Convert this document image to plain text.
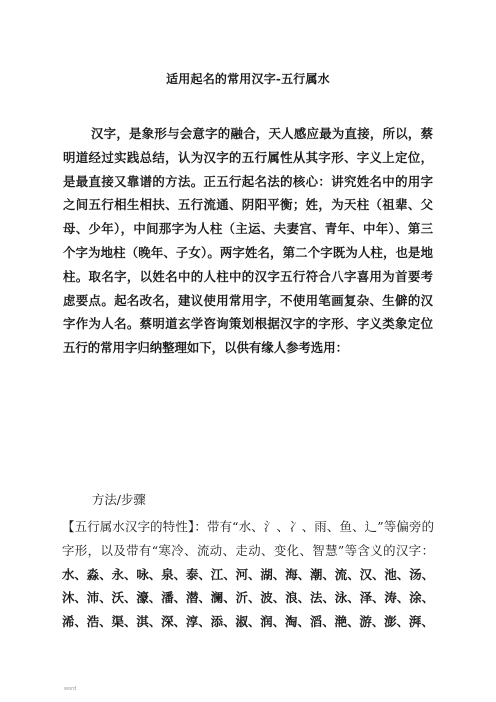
适用起名的常用汉字-五行属水

汉字，是象形与会意字的融合，天人感应最为直接，所以，蔡明道经过实践总结，认为汉字的五行属性从其字形、字义上定位，是最直接又靠谱的方法。正五行起名法的核心：讲究姓名中的用字之间五行相生相扶、五行流通、阴阳平衡；姓，为天柱（祖辈、父母、少年），中间那字为人柱（主运、夫妻宫、青年、中年）、第三个字为地柱（晚年、子女）。两字姓名，第二个字既为人柱，也是地柱。取名字，以姓名中的人柱中的汉字五行符合八字喜用为首要考虑要点。起名改名，建议使用常用字，不使用笔画复杂、生僻的汉字作为人名。蔡明道玄学咨询策划根据汉字的字形、字义类象定位五行的常用字归纳整理如下，以供有缘人参考选用：

方法/步骤

【五行属水汉字的特性】：带有“水、氵、冫、雨、鱼、辶”等偏旁的字形，以及带有“寒冷、流动、走动、变化、智慧”等含义的汉字：水、淼、永、咏、泉、泰、江、河、湖、海、潮、流、汉、池、汤、沐、沛、沃、濠、潘、潜、澜、沂、波、浪、法、泳、泽、涛、涂、浠、浩、渠、淇、深、淳、添、淑、润、淘、滔、滟、游、澎、湃、

word
